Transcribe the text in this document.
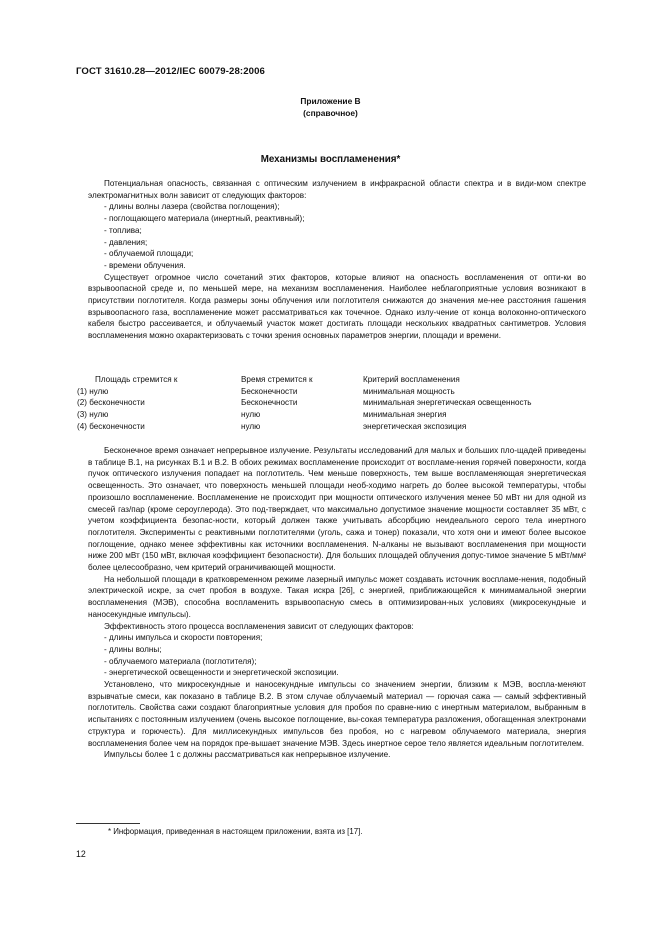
ГОСТ 31610.28—2012/IEC 60079-28:2006
Приложение В
(справочное)
Механизмы воспламенения*

Потенциальная опасность, связанная с оптическим излучением в инфракрасной области спектра и в види-мом спектре электромагнитных волн зависит от следующих факторов:

- длины волны лазера (свойства поглощения);

- поглощающего материала (инертный, реактивный);

- топлива;

- давления;

- облучаемой площади;

- времени облучения.

Существует огромное число сочетаний этих факторов, которые влияют на опасность воспламенения от опти-ки во взрывоопасной среде и, по меньшей мере, на механизм воспламенения. Наиболее неблагоприятные условия возникают в присутствии поглотителя. Когда размеры зоны облучения или поглотителя снижаются до значения ме-нее расстояния гашения взрывоопасного газа, воспламенение может рассматриваться как точечное. Однако излу-чение от конца волоконно-оптического кабеля быстро рассеивается, и облучаемый участок может достигать площади нескольких квадратных сантиметров. Условия воспламенения можно охарактеризовать с точки зрения основных параметров энергии, площади и времени.

Площадь стремится к	Время стремится к	Критерий воспламенения
(1) нулю	Бесконечности	минимальная мощность
(2) бесконечности	Бесконечности	минимальная энергетическая освещенность
(3) нулю	нулю	минимальная энергия
(4) бесконечности	нулю	энергетическая экспозиция

Бесконечное время означает непрерывное излучение. Результаты исследований для малых и больших пло-щадей приведены в таблице В.1, на рисунках В.1 и В.2. В обоих режимах воспламенение происходит от воспламе-нения горячей поверхности, когда пучок оптического излучения попадает на поглотитель. Чем меньше поверхность, тем выше воспламеняющая энергетическая освещенность. Это означает, что поверхность меньшей площади необ-ходимо нагреть до более высокой температуры, чтобы произошло воспламенение. Воспламенение не происходит при мощности оптического излучения менее 50 мВт ни для одной из смесей газ/пар (кроме сероуглерода). Это под-тверждает, что максимально допустимое значение мощности составляет 35 мВт, с учетом коэффициента безопас-ности, который должен также учитывать абсорбцию неидеального серого тела инертного поглотителя. Эксперименты с реактивными поглотителями (уголь, сажа и тонер) показали, что хотя они и имеют более высокое поглощение, однако менее эффективны как источники воспламенения. N-алканы не вызывают воспламенения при мощности ниже 200 мВт (150 мВт, включая коэффициент безопасности). Для больших площадей облучения допус-тимое значение 5 мВт/мм² более целесообразно, чем критерий ограничивающей мощности.

На небольшой площади в кратковременном режиме лазерный импульс может создавать источник воспламе-нения, подобный электрической искре, за счет пробоя в воздухе. Такая искра [26], с энергией, приближающейся к минимамальной энергии воспламенения (МЭВ), способна воспламенить взрывоопасную смесь в оптимизирован-ных условиях (микросекундные и наносекундные импульсы).

Эффективность этого процесса воспламенения зависит от следующих факторов:

- длины импульса и скорости повторения;

- длины волны;

- облучаемого материала (поглотителя);

- энергетической освещенности и энергетической экспозиции.

Установлено, что микросекундные и наносекундные импульсы со значением энергии, близким к МЭВ, воспла-меняют взрывчатые смеси, как показано в таблице В.2. В этом случае облучаемый материал — горючая сажа — самый эффективный поглотитель. Свойства сажи создают благоприятные условия для пробоя по сравне-нию с инертным материалом, выбранным в испытаниях с постоянным излучением (очень высокое поглощение, вы-сокая температура разложения, обогащенная электронами структура и горючесть). Для миллисекундных импульсов без пробоя, но с нагревом облучаемого материала, энергия воспламенения более чем на порядок пре-вышает значение МЭВ. Здесь инертное серое тело является идеальным поглотителем.

Импульсы более 1 с должны рассматриваться как непрерывное излучение.

* Информация, приведенная в настоящем приложении, взята из [17].
12
